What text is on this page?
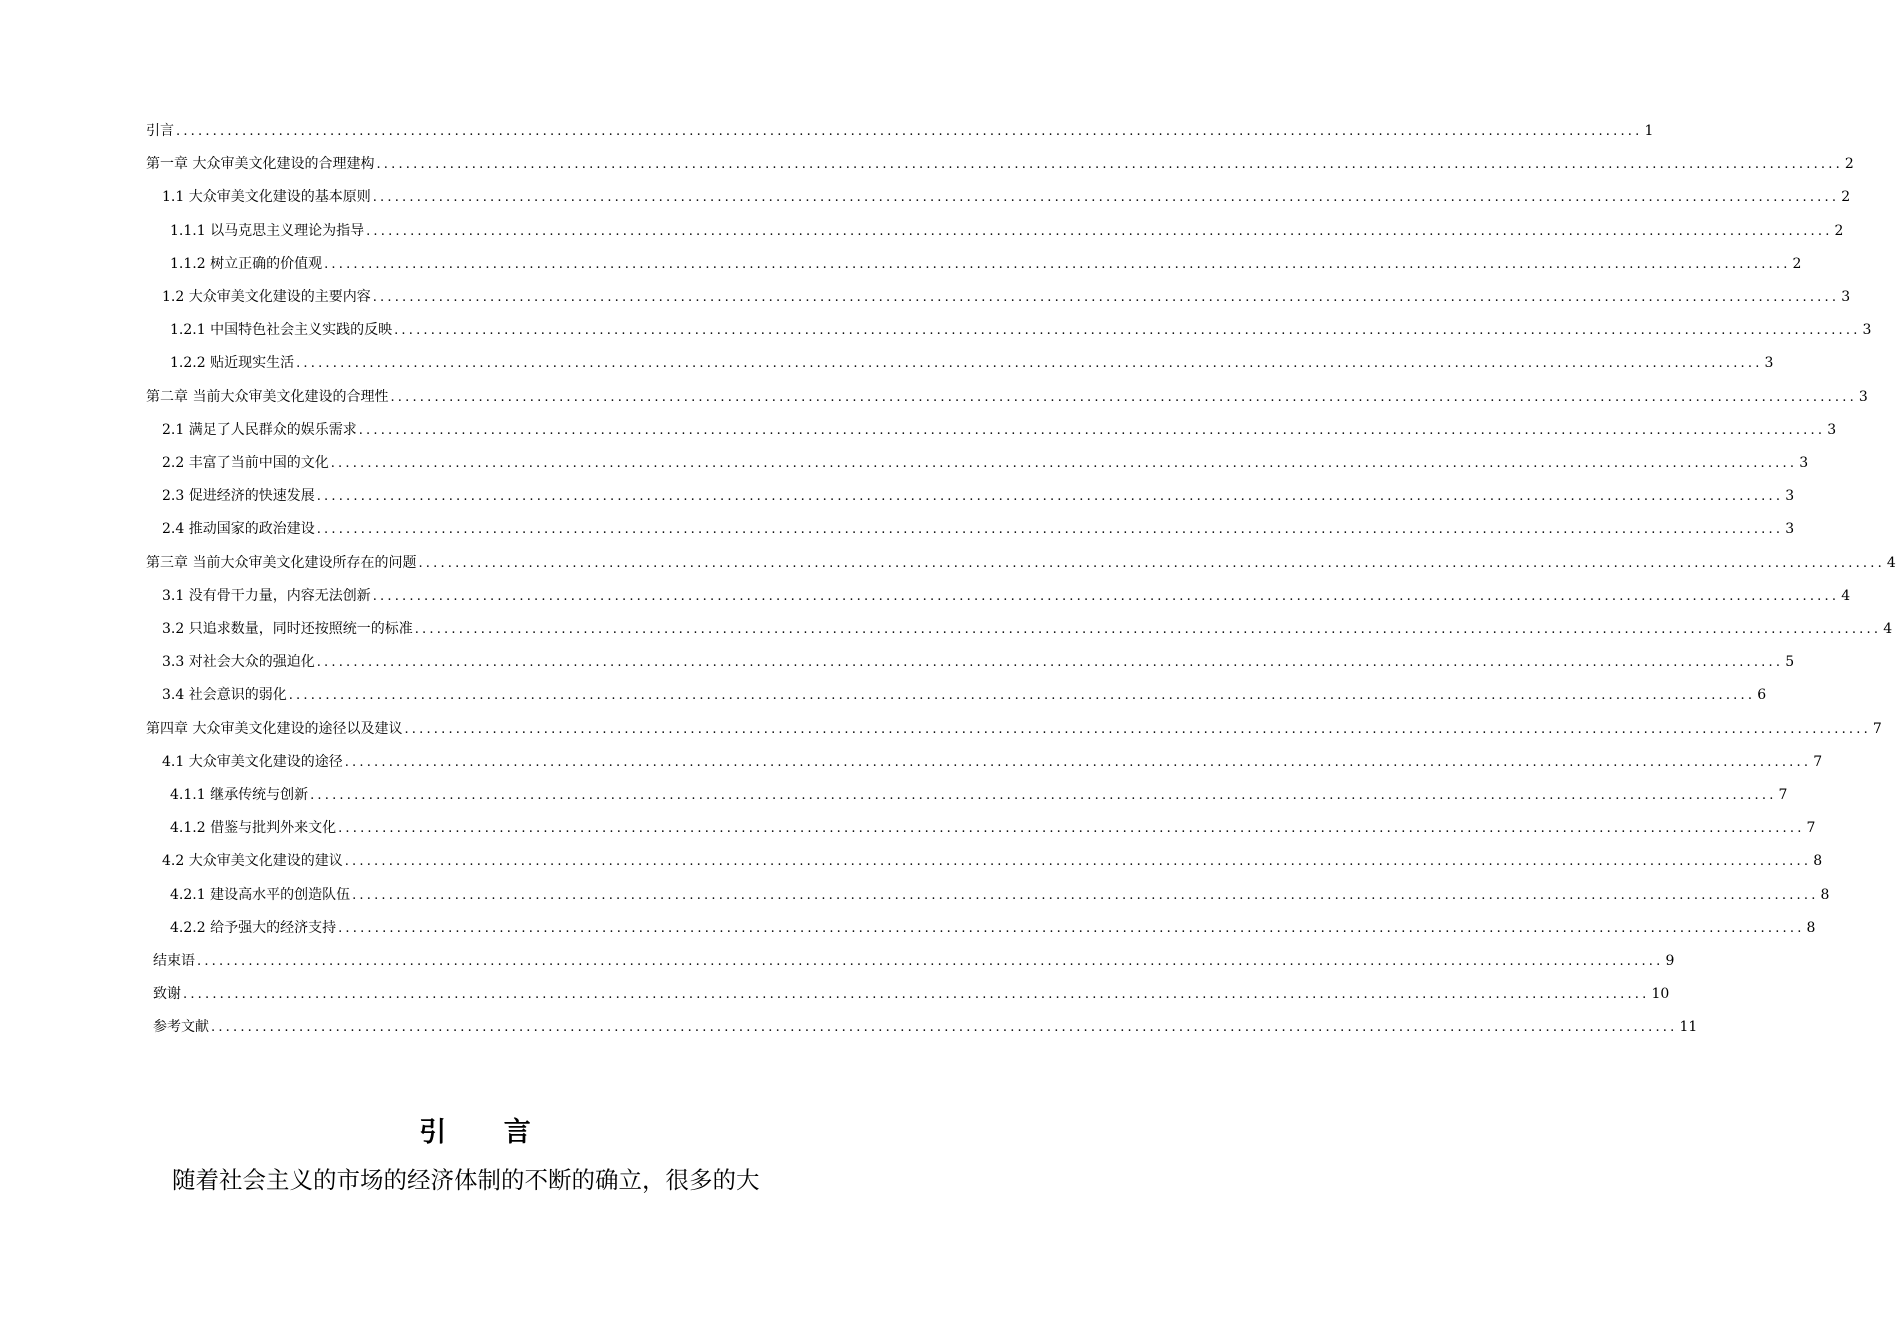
引言 ........................................................................................................................................................................................................ 1
第一章 大众审美文化建设的合理建构 ........................................................................................................................................................................................................ 2
1.1 大众审美文化建设的基本原则 ........................................................................................................................................................................................................ 2
1.1.1 以马克思主义理论为指导 ........................................................................................................................................................................................................ 2
1.1.2 树立正确的价值观 ........................................................................................................................................................................................................ 2
1.2 大众审美文化建设的主要内容 ........................................................................................................................................................................................................ 3
1.2.1 中国特色社会主义实践的反映 ........................................................................................................................................................................................................ 3
1.2.2 贴近现实生活 ........................................................................................................................................................................................................ 3
第二章 当前大众审美文化建设的合理性 ........................................................................................................................................................................................................ 3
2.1 满足了人民群众的娱乐需求 ........................................................................................................................................................................................................ 3
2.2 丰富了当前中国的文化 ........................................................................................................................................................................................................ 3
2.3 促进经济的快速发展 ........................................................................................................................................................................................................ 3
2.4 推动国家的政治建设 ........................................................................................................................................................................................................ 3
第三章 当前大众审美文化建设所存在的问题 ........................................................................................................................................................................................................ 4
3.1 没有骨干力量，内容无法创新 ........................................................................................................................................................................................................ 4
3.2 只追求数量，同时还按照统一的标准 ........................................................................................................................................................................................................ 4
3.3 对社会大众的强迫化 ........................................................................................................................................................................................................ 5
3.4 社会意识的弱化 ........................................................................................................................................................................................................ 6
第四章 大众审美文化建设的途径以及建议 ........................................................................................................................................................................................................ 7
4.1 大众审美文化建设的途径 ........................................................................................................................................................................................................ 7
4.1.1 继承传统与创新 ........................................................................................................................................................................................................ 7
4.1.2 借鉴与批判外来文化 ........................................................................................................................................................................................................ 7
4.2 大众审美文化建设的建议 ........................................................................................................................................................................................................ 8
4.2.1 建设高水平的创造队伍 ........................................................................................................................................................................................................ 8
4.2.2 给予强大的经济支持 ........................................................................................................................................................................................................ 8
结束语 ........................................................................................................................................................................................................ 9
致谢 ........................................................................................................................................................................................................ 10
参考文献 ........................................................................................................................................................................................................ 11
引 言
随着社会主义的市场的经济体制的不断的确立，很多的大
